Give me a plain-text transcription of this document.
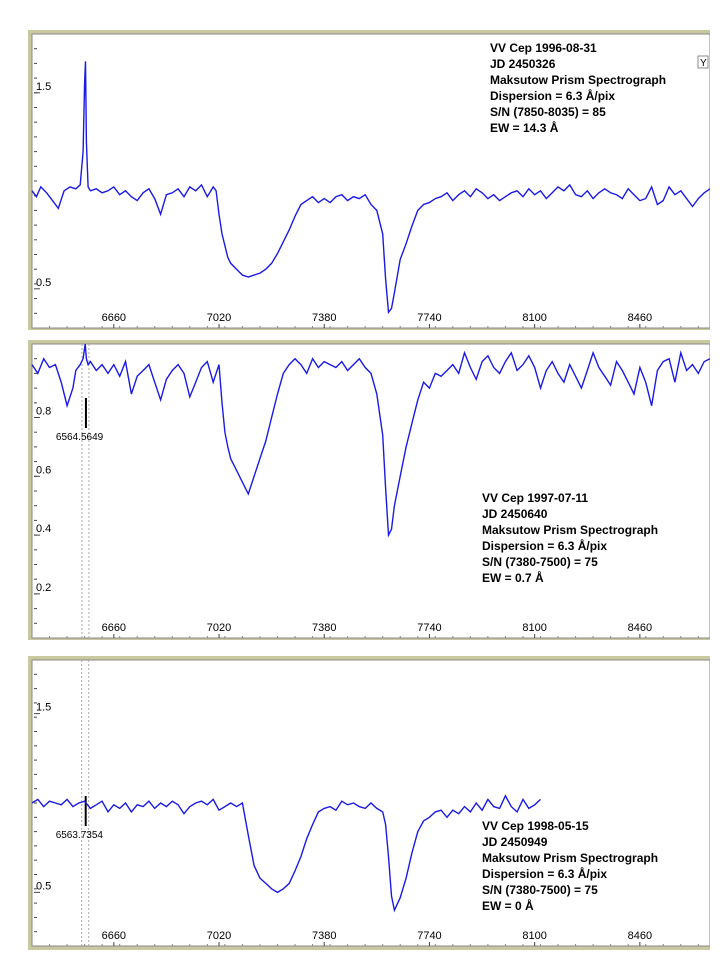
0.5
1.5
6660	7020	7380	7740	8100	8460
VV Cep 1996-08-31
JD 2450326
Maksutow Prism Spectrograph
Dispersion = 6.3 Å/pix
S/N (7850-8035) = 85
EW = 14.3 Å
Y
0.2
0.4
0.6
0.8
6660	7020	7380	7740	8100	8460
6564.5649
VV Cep 1997-07-11
JD 2450640
Maksutow Prism Spectrograph
Dispersion = 6.3 Å/pix
S/N (7380-7500) = 75
EW = 0.7 Å
0.5
1.5
6660	7020	7380	7740	8100	8460
6563.7354
VV Cep 1998-05-15
JD 2450949
Maksutow Prism Spectrograph
Dispersion = 6.3 Å/pix
S/N (7380-7500) = 75
EW = 0 Å
